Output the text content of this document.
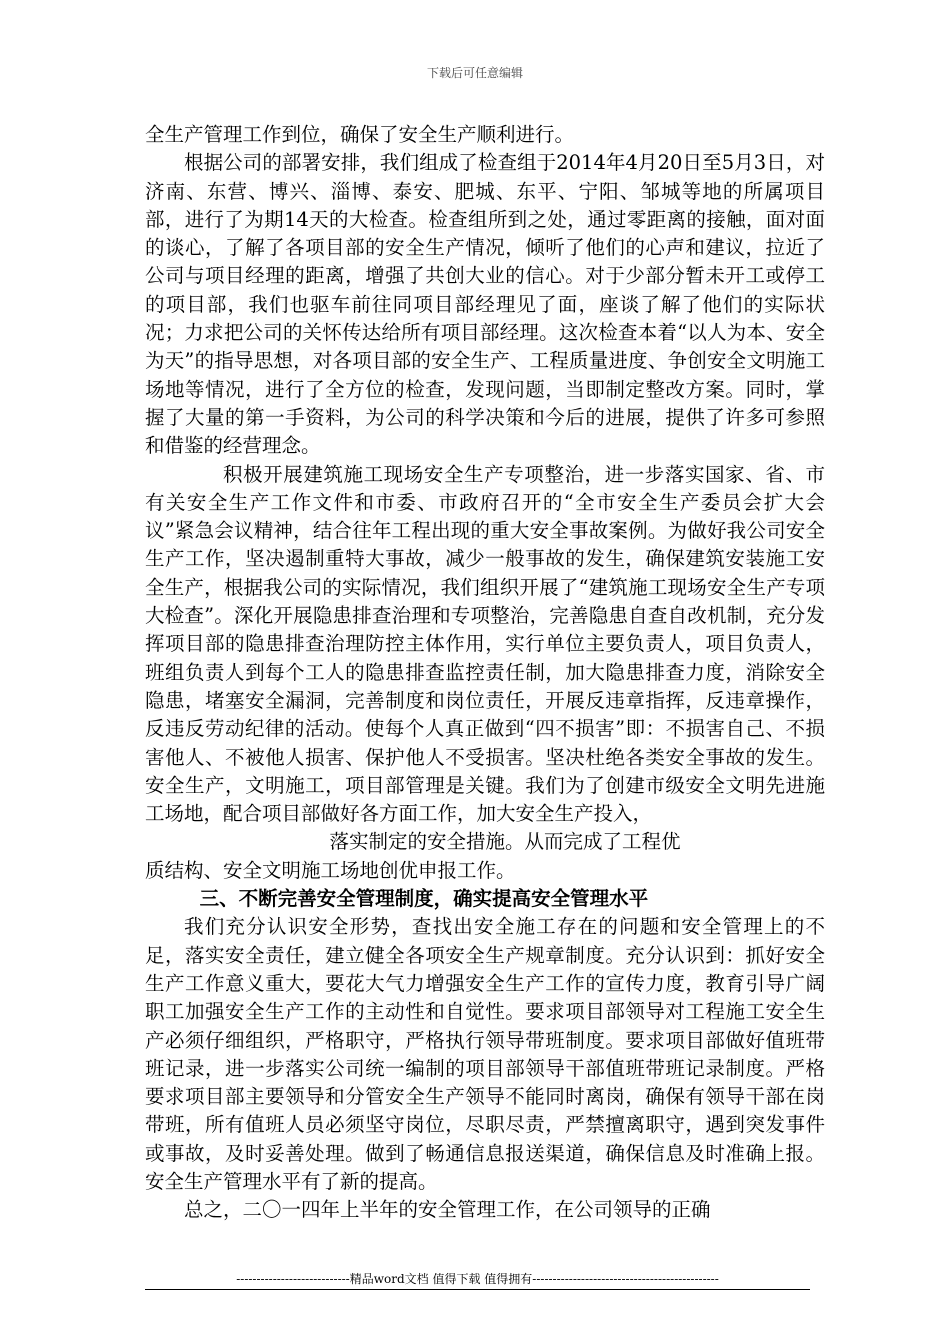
下载后可任意编辑

全生产管理工作到位，确保了安全生产顺利进行。

根据公司的部署安排，我们组成了检查组于2014年4月20日至5月3日，对济南、东营、博兴、淄博、泰安、肥城、东平、宁阳、邹城等地的所属项目部，进行了为期14天的大检查。检查组所到之处，通过零距离的接触，面对面的谈心，了解了各项目部的安全生产情况，倾听了他们的心声和建议，拉近了公司与项目经理的距离，增强了共创大业的信心。对于少部分暂未开工或停工的项目部，我们也驱车前往同项目部经理见了面，座谈了解了他们的实际状况；力求把公司的关怀传达给所有项目部经理。这次检查本着“以人为本、安全为天”的指导思想，对各项目部的安全生产、工程质量进度、争创安全文明施工场地等情况，进行了全方位的检查，发现问题，当即制定整改方案。同时，掌握了大量的第一手资料，为公司的科学决策和今后的进展，提供了许多可参照和借鉴的经营理念。

积极开展建筑施工现场安全生产专项整治，进一步落实国家、省、市有关安全生产工作文件和市委、市政府召开的“全市安全生产委员会扩大会议”紧急会议精神，结合往年工程出现的重大安全事故案例。为做好我公司安全生产工作，坚决遏制重特大事故，减少一般事故的发生，确保建筑安装施工安全生产，根据我公司的实际情况，我们组织开展了“建筑施工现场安全生产专项大检查”。深化开展隐患排查治理和专项整治，完善隐患自查自改机制，充分发挥项目部的隐患排查治理防控主体作用，实行单位主要负责人，项目负责人，班组负责人到每个工人的隐患排查监控责任制，加大隐患排查力度，消除安全隐患，堵塞安全漏洞，完善制度和岗位责任，开展反违章指挥，反违章操作，反违反劳动纪律的活动。使每个人真正做到“四不损害”即：不损害自己、不损害他人、不被他人损害、保护他人不受损害。坚决杜绝各类安全事故的发生。安全生产，文明施工，项目部管理是关键。我们为了创建市级安全文明先进施工场地，配合项目部做好各方面工作，加大安全生产投入，

落实制定的安全措施。从而完成了工程优

质结构、安全文明施工场地创优申报工作。

三、不断完善安全管理制度，确实提高安全管理水平

我们充分认识安全形势，查找出安全施工存在的问题和安全管理上的不足，落实安全责任，建立健全各项安全生产规章制度。充分认识到：抓好安全生产工作意义重大，要花大气力增强安全生产工作的宣传力度，教育引导广阔职工加强安全生产工作的主动性和自觉性。要求项目部领导对工程施工安全生产必须仔细组织，严格职守，严格执行领导带班制度。要求项目部做好值班带班记录，进一步落实公司统一编制的项目部领导干部值班带班记录制度。严格要求项目部主要领导和分管安全生产领导不能同时离岗，确保有领导干部在岗带班，所有值班人员必须坚守岗位，尽职尽责，严禁擅离职守，遇到突发事件或事故，及时妥善处理。做到了畅通信息报送渠道，确保信息及时准确上报。安全生产管理水平有了新的提高。

总之，二〇一四年上半年的安全管理工作，在公司领导的正确

----------------------------精品word文档 值得下载 值得拥有----------------------------------------------
